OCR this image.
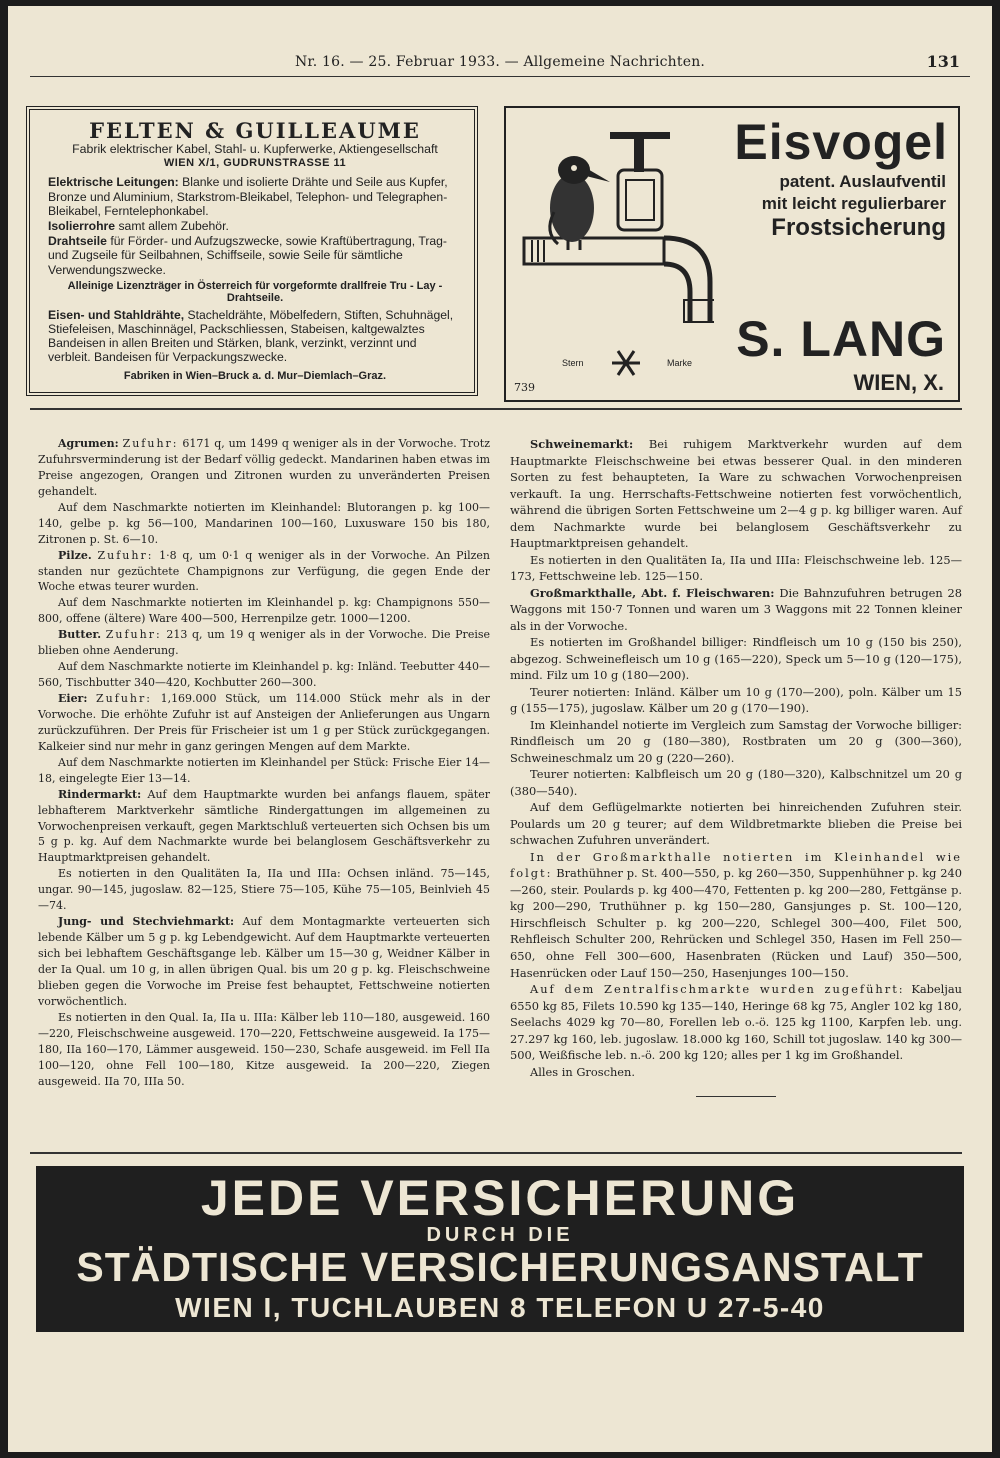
Nr. 16. — 25. Februar 1933. — Allgemeine Nachrichten.	131
FELTEN & GUILLEAUME
Fabrik elektrischer Kabel, Stahl- u. Kupferwerke, Aktiengesellschaft
WIEN X/1, GUDRUNSTRASSE 11
Elektrische Leitungen: Blanke und isolierte Drähte und Seile aus Kupfer, Bronze und Aluminium, Starkstrom-Bleikabel, Telephon- und Telegraphen-Bleikabel, Ferntelephonkabel.
Isolierrohre samt allem Zubehör.
Drahtseile für Förder- und Aufzugszwecke, sowie Kraftübertragung, Trag- und Zugseile für Seilbahnen, Schiffseile, sowie Seile für sämtliche Verwendungszwecke.
Alleinige Lizenzträger in Österreich für vorgeformte drallfreie Tru - Lay - Drahtseile.
Eisen- und Stahldrähte, Stacheldrähte, Möbelfedern, Stiften, Schuhnägel, Stiefeleisen, Maschinnägel, Packschliessen, Stabeisen, kaltgewalztes Bandeisen in allen Breiten und Stärken, blank, verzinkt, verzinnt und verbleit. Bandeisen für Verpackungszwecke.
Fabriken in Wien–Bruck a. d. Mur–Diemlach–Graz.
Stern	Marke
Eisvogel
patent. Auslaufventil
mit leicht regulierbarer
Frostsicherung
S. LANG
WIEN, X.
739

Agrumen: Zufuhr: 6171 q, um 1499 q weniger als in der Vorwoche. Trotz Zufuhrsverminderung ist der Bedarf völlig gedeckt. Mandarinen haben etwas im Preise angezogen, Orangen und Zitronen wurden zu unveränderten Preisen gehandelt.

Auf dem Naschmarkte notierten im Kleinhandel: Blutorangen p. kg 100—140, gelbe p. kg 56—100, Mandarinen 100—160, Luxusware 150 bis 180, Zitronen p. St. 6—10.

Pilze. Zufuhr: 1·8 q, um 0·1 q weniger als in der Vorwoche. An Pilzen standen nur gezüchtete Champignons zur Verfügung, die gegen Ende der Woche etwas teurer wurden.

Auf dem Naschmarkte notierten im Kleinhandel p. kg: Champignons 550—800, offene (ältere) Ware 400—500, Herrenpilze getr. 1000—1200.

Butter. Zufuhr: 213 q, um 19 q weniger als in der Vorwoche. Die Preise blieben ohne Aenderung.

Auf dem Naschmarkte notierte im Kleinhandel p. kg: Inländ. Teebutter 440—560, Tischbutter 340—420, Kochbutter 260—300.

Eier: Zufuhr: 1,169.000 Stück, um 114.000 Stück mehr als in der Vorwoche. Die erhöhte Zufuhr ist auf Ansteigen der Anlieferungen aus Ungarn zurückzuführen. Der Preis für Frischeier ist um 1 g per Stück zurückgegangen. Kalkeier sind nur mehr in ganz geringen Mengen auf dem Markte.

Auf dem Naschmarkte notierten im Kleinhandel per Stück: Frische Eier 14—18, eingelegte Eier 13—14.

Rindermarkt: Auf dem Hauptmarkte wurden bei anfangs flauem, später lebhafterem Marktverkehr sämtliche Rindergattungen im allgemeinen zu Vorwochenpreisen verkauft, gegen Marktschluß verteuerten sich Ochsen bis um 5 g p. kg. Auf dem Nachmarkte wurde bei belanglosem Geschäftsverkehr zu Hauptmarktpreisen gehandelt.

Es notierten in den Qualitäten Ia, IIa und IIIa: Ochsen inländ. 75—145, ungar. 90—145, jugoslaw. 82—125, Stiere 75—105, Kühe 75—105, Beinlvieh 45—74.

Jung- und Stechviehmarkt: Auf dem Montagmarkte verteuerten sich lebende Kälber um 5 g p. kg Lebendgewicht. Auf dem Hauptmarkte verteuerten sich bei lebhaftem Geschäftsgange leb. Kälber um 15—30 g, Weidner Kälber in der Ia Qual. um 10 g, in allen übrigen Qual. bis um 20 g p. kg. Fleischschweine blieben gegen die Vorwoche im Preise fest behauptet, Fettschweine notierten vorwöchentlich.

Es notierten in den Qual. Ia, IIa u. IIIa: Kälber leb 110—180, ausgeweid. 160—220, Fleischschweine ausgeweid. 170—220, Fettschweine ausgeweid. Ia 175—180, IIa 160—170, Lämmer ausgeweid. 150—230, Schafe ausgeweid. im Fell IIa 100—120, ohne Fell 100—180, Kitze ausgeweid. Ia 200—220, Ziegen ausgeweid. IIa 70, IIIa 50.

Schweinemarkt: Bei ruhigem Marktverkehr wurden auf dem Hauptmarkte Fleischschweine bei etwas besserer Qual. in den minderen Sorten zu fest behaupteten, Ia Ware zu schwachen Vorwochenpreisen verkauft. Ia ung. Herrschafts-Fettschweine notierten fest vorwöchentlich, während die übrigen Sorten Fettschweine um 2—4 g p. kg billiger waren. Auf dem Nachmarkte wurde bei belanglosem Geschäftsverkehr zu Hauptmarktpreisen gehandelt.

Es notierten in den Qualitäten Ia, IIa und IIIa: Fleischschweine leb. 125—173, Fettschweine leb. 125—150.

Großmarkthalle, Abt. f. Fleischwaren: Die Bahnzufuhren betrugen 28 Waggons mit 150·7 Tonnen und waren um 3 Waggons mit 22 Tonnen kleiner als in der Vorwoche.

Es notierten im Großhandel billiger: Rindfleisch um 10 g (150 bis 250), abgezog. Schweinefleisch um 10 g (165—220), Speck um 5—10 g (120—175), mind. Filz um 10 g (180—200).

Teurer notierten: Inländ. Kälber um 10 g (170—200), poln. Kälber um 15 g (155—175), jugoslaw. Kälber um 20 g (170—190).

Im Kleinhandel notierte im Vergleich zum Samstag der Vorwoche billiger: Rindfleisch um 20 g (180—380), Rostbraten um 20 g (300—360), Schweineschmalz um 20 g (220—260).

Teurer notierten: Kalbfleisch um 20 g (180—320), Kalbschnitzel um 20 g (380—540).

Auf dem Geflügelmarkte notierten bei hinreichenden Zufuhren steir. Poulards um 20 g teurer; auf dem Wildbretmarkte blieben die Preise bei schwachen Zufuhren unverändert.

In der Großmarkthalle notierten im Kleinhandel wie folgt: Brathühner p. St. 400—550, p. kg 260—350, Suppenhühner p. kg 240—260, steir. Poulards p. kg 400—470, Fettenten p. kg 200—280, Fettgänse p. kg 200—290, Truthühner p. kg 150—280, Gansjunges p. St. 100—120, Hirschfleisch Schulter p. kg 200—220, Schlegel 300—400, Filet 500, Rehfleisch Schulter 200, Rehrücken und Schlegel 350, Hasen im Fell 250—650, ohne Fell 300—600, Hasenbraten (Rücken und Lauf) 350—500, Hasenrücken oder Lauf 150—250, Hasenjunges 100—150.

Auf dem Zentralfischmarkte wurden zugeführt: Kabeljau 6550 kg 85, Filets 10.590 kg 135—140, Heringe 68 kg 75, Angler 102 kg 180, Seelachs 4029 kg 70—80, Forellen leb o.-ö. 125 kg 1100, Karpfen leb. ung. 27.297 kg 160, leb. jugoslaw. 18.000 kg 160, Schill tot jugoslaw. 140 kg 300—500, Weißfische leb. n.-ö. 200 kg 120; alles per 1 kg im Großhandel.

Alles in Groschen.

JEDE VERSICHERUNG
DURCH DIE
STÄDTISCHE VERSICHERUNGSANSTALT
WIEN I, TUCHLAUBEN 8 TELEFON U 27-5-40
